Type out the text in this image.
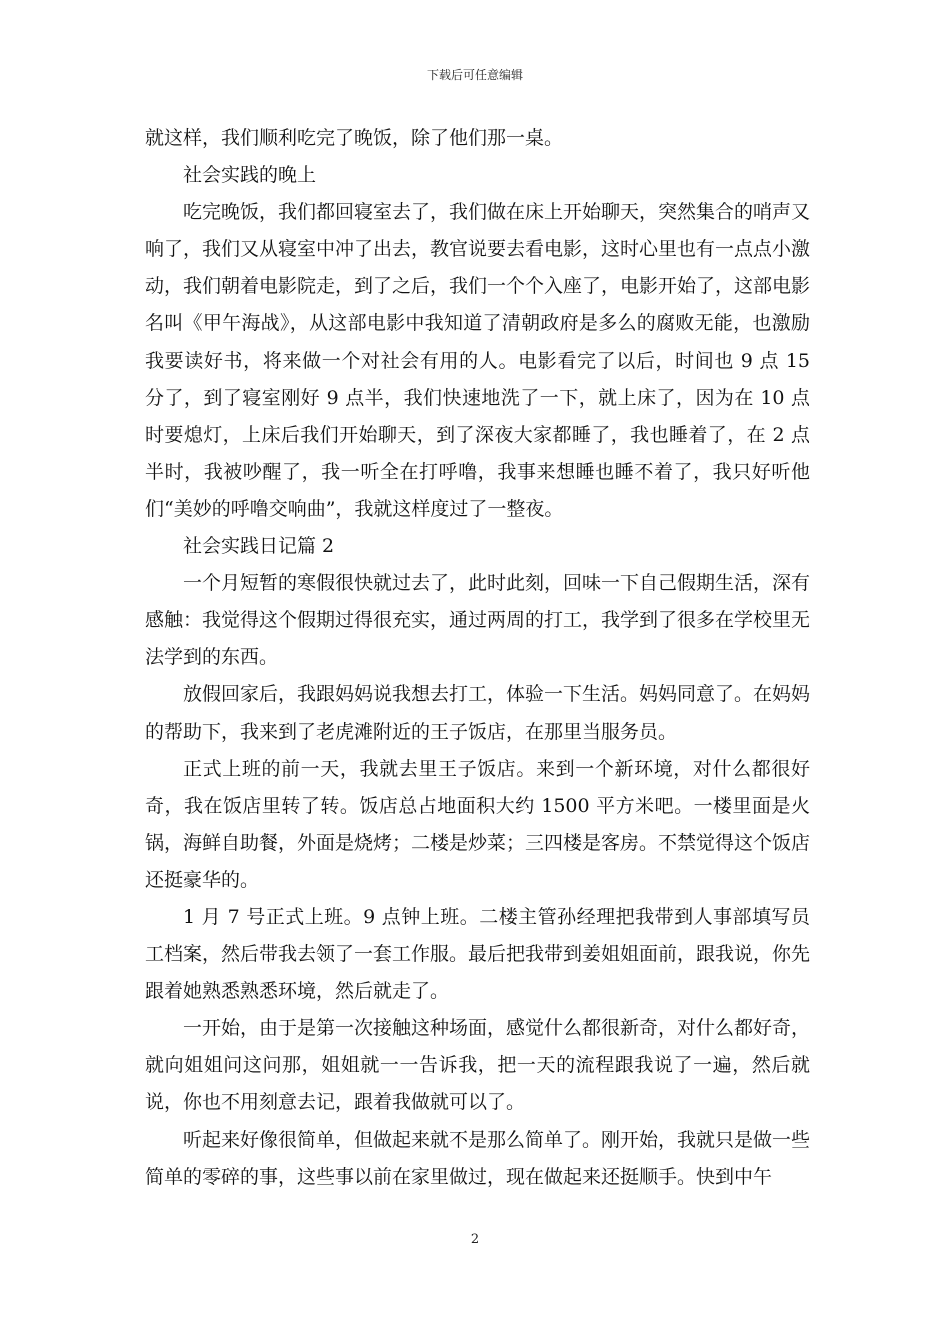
下载后可任意编辑

就这样，我们顺利吃完了晚饭，除了他们那一桌。

社会实践的晚上

吃完晚饭，我们都回寝室去了，我们做在床上开始聊天，突然集合的哨声又响了，我们又从寝室中冲了出去，教官说要去看电影，这时心里也有一点点小激动，我们朝着电影院走，到了之后，我们一个个入座了，电影开始了，这部电影名叫《甲午海战》，从这部电影中我知道了清朝政府是多么的腐败无能，也激励我要读好书，将来做一个对社会有用的人。电影看完了以后，时间也 9 点 15 分了，到了寝室刚好 9 点半，我们快速地洗了一下，就上床了，因为在 10 点时要熄灯，上床后我们开始聊天，到了深夜大家都睡了，我也睡着了，在 2 点半时，我被吵醒了，我一听全在打呼噜，我事来想睡也睡不着了，我只好听他们“美妙的呼噜交响曲”，我就这样度过了一整夜。

社会实践日记篇 2

一个月短暂的寒假很快就过去了，此时此刻，回味一下自己假期生活，深有感触：我觉得这个假期过得很充实，通过两周的打工，我学到了很多在学校里无法学到的东西。

放假回家后，我跟妈妈说我想去打工，体验一下生活。妈妈同意了。在妈妈的帮助下，我来到了老虎滩附近的王子饭店，在那里当服务员。

正式上班的前一天，我就去里王子饭店。来到一个新环境，对什么都很好奇，我在饭店里转了转。饭店总占地面积大约 1500 平方米吧。一楼里面是火锅，海鲜自助餐，外面是烧烤；二楼是炒菜；三四楼是客房。不禁觉得这个饭店还挺豪华的。

1 月 7 号正式上班。9 点钟上班。二楼主管孙经理把我带到人事部填写员工档案，然后带我去领了一套工作服。最后把我带到姜姐姐面前，跟我说，你先跟着她熟悉熟悉环境，然后就走了。

一开始，由于是第一次接触这种场面，感觉什么都很新奇，对什么都好奇，就向姐姐问这问那，姐姐就一一告诉我，把一天的流程跟我说了一遍，然后就说，你也不用刻意去记，跟着我做就可以了。

听起来好像很简单，但做起来就不是那么简单了。刚开始，我就只是做一些简单的零碎的事，这些事以前在家里做过，现在做起来还挺顺手。快到中午

2
